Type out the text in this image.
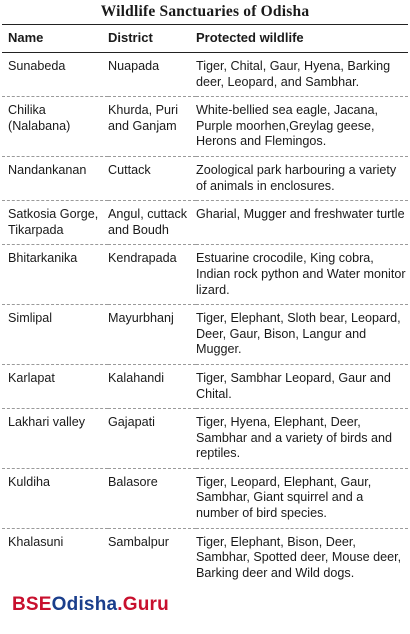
Wildlife Sanctuaries of Odisha
Name	District	Protected wildlife
Sunabeda	Nuapada	Tiger, Chital, Gaur, Hyena, Barking deer, Leopard, and Sambhar.
Chilika (Nalabana)	Khurda, Puri and Ganjam	White-bellied sea eagle, Jacana, Purple moorhen,Greylag geese, Herons and Flemingos.
Nandankanan	Cuttack	Zoological park harbouring a variety of animals in enclosures.
Satkosia Gorge, Tikarpada	Angul, cuttack and Boudh	Gharial, Mugger and freshwater turtle
Bhitarkanika	Kendrapada	Estuarine crocodile, King cobra, Indian rock python and Water monitor lizard.
Simlipal	Mayurbhanj	Tiger, Elephant, Sloth bear, Leopard, Deer, Gaur, Bison, Langur and Mugger.
Karlapat	Kalahandi	Tiger, Sambhar Leopard, Gaur and Chital.
Lakhari valley	Gajapati	Tiger, Hyena, Elephant, Deer, Sambhar and a variety of birds and reptiles.
Kuldiha	Balasore	Tiger, Leopard, Elephant, Gaur, Sambhar, Giant squirrel and a number of bird species.
Khalasuni	Sambalpur	Tiger, Elephant, Bison, Deer, Sambhar, Spotted deer, Mouse deer, Barking deer and Wild dogs.
BSEOdisha.Guru
